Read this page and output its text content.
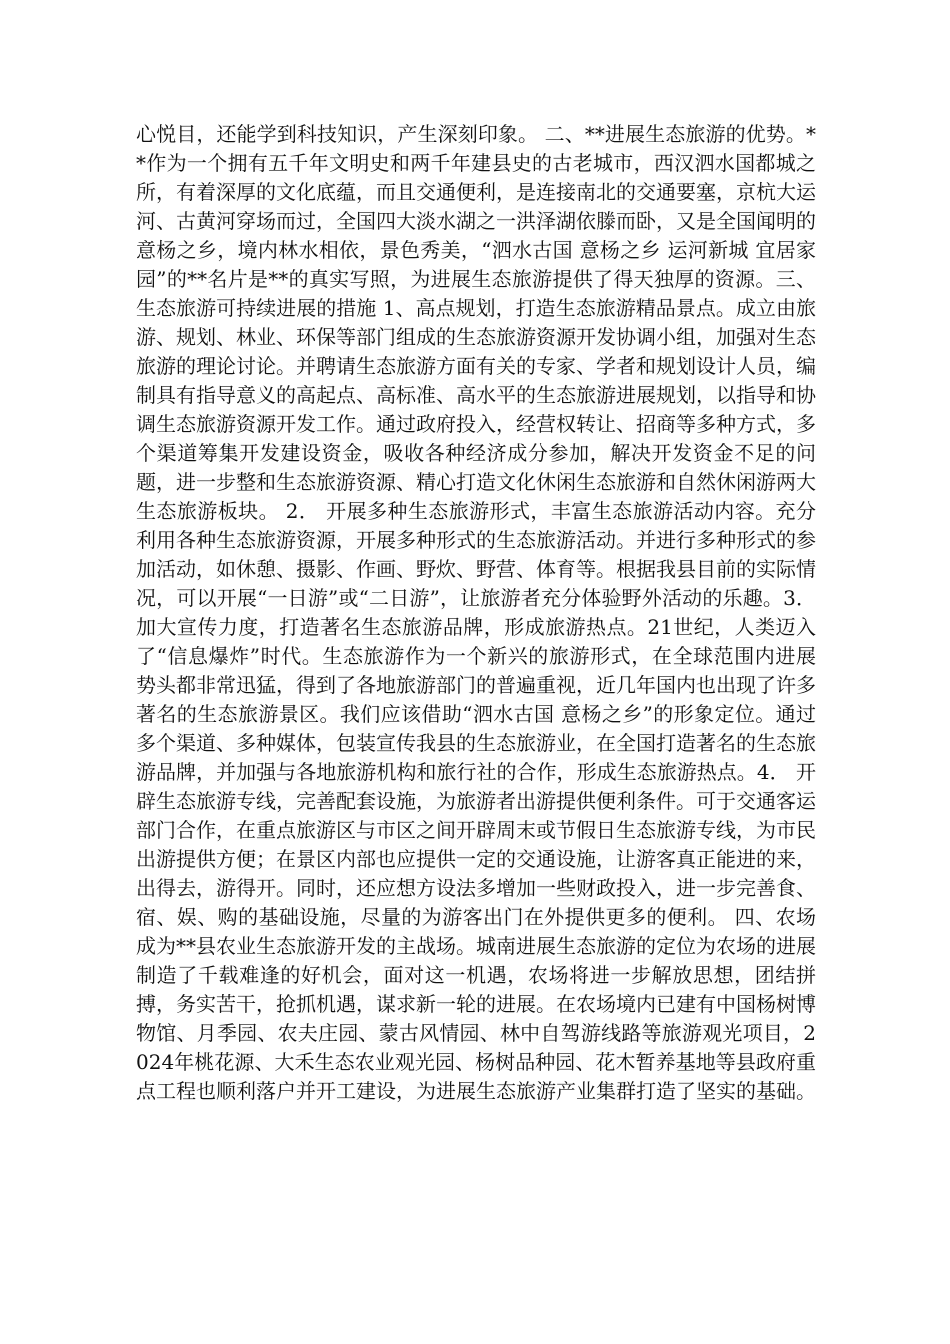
心悦目，还能学到科技知识，产生深刻印象。 二、**进展生态旅游的优势。**作为一个拥有五千年文明史和两千年建县史的古老城市，西汉泗水国都城之所，有着深厚的文化底蕴，而且交通便利，是连接南北的交通要塞，京杭大运河、古黄河穿场而过，全国四大淡水湖之一洪泽湖依滕而卧，又是全国闻明的意杨之乡，境内林水相依，景色秀美，“泗水古国 意杨之乡 运河新城 宜居家园”的**名片是**的真实写照，为进展生态旅游提供了得天独厚的资源。三、生态旅游可持续进展的措施 1、高点规划，打造生态旅游精品景点。成立由旅游、规划、林业、环保等部门组成的生态旅游资源开发协调小组，加强对生态旅游的理论讨论。并聘请生态旅游方面有关的专家、学者和规划设计人员，编制具有指导意义的高起点、高标准、高水平的生态旅游进展规划，以指导和协调生态旅游资源开发工作。通过政府投入，经营权转让、招商等多种方式，多个渠道筹集开发建设资金，吸收各种经济成分参加，解决开发资金不足的问题，进一步整和生态旅游资源、精心打造文化休闲生态旅游和自然休闲游两大生态旅游板块。 2． 开展多种生态旅游形式，丰富生态旅游活动内容。充分利用各种生态旅游资源，开展多种形式的生态旅游活动。并进行多种形式的参加活动，如休憩、摄影、作画、野炊、野营、体育等。根据我县目前的实际情况，可以开展“一日游”或“二日游”，让旅游者充分体验野外活动的乐趣。3． 加大宣传力度，打造著名生态旅游品牌，形成旅游热点。21世纪，人类迈入了“信息爆炸”时代。生态旅游作为一个新兴的旅游形式，在全球范围内进展势头都非常迅猛，得到了各地旅游部门的普遍重视，近几年国内也出现了许多著名的生态旅游景区。我们应该借助“泗水古国 意杨之乡”的形象定位。通过多个渠道、多种媒体，包装宣传我县的生态旅游业，在全国打造著名的生态旅游品牌，并加强与各地旅游机构和旅行社的合作，形成生态旅游热点。4． 开辟生态旅游专线，完善配套设施，为旅游者出游提供便利条件。可于交通客运部门合作，在重点旅游区与市区之间开辟周末或节假日生态旅游专线，为市民出游提供方便；在景区内部也应提供一定的交通设施，让游客真正能进的来，出得去，游得开。同时，还应想方设法多增加一些财政投入，进一步完善食、宿、娱、购的基础设施，尽量的为游客出门在外提供更多的便利。 四、农场成为**县农业生态旅游开发的主战场。城南进展生态旅游的定位为农场的进展制造了千载难逢的好机会，面对这一机遇，农场将进一步解放思想，团结拼搏，务实苦干，抢抓机遇，谋求新一轮的进展。在农场境内已建有中国杨树博物馆、月季园、农夫庄园、蒙古风情园、林中自驾游线路等旅游观光项目，2024年桃花源、大禾生态农业观光园、杨树品种园、花木暂养基地等县政府重点工程也顺利落户并开工建设，为进展生态旅游产业集群打造了坚实的基础。
